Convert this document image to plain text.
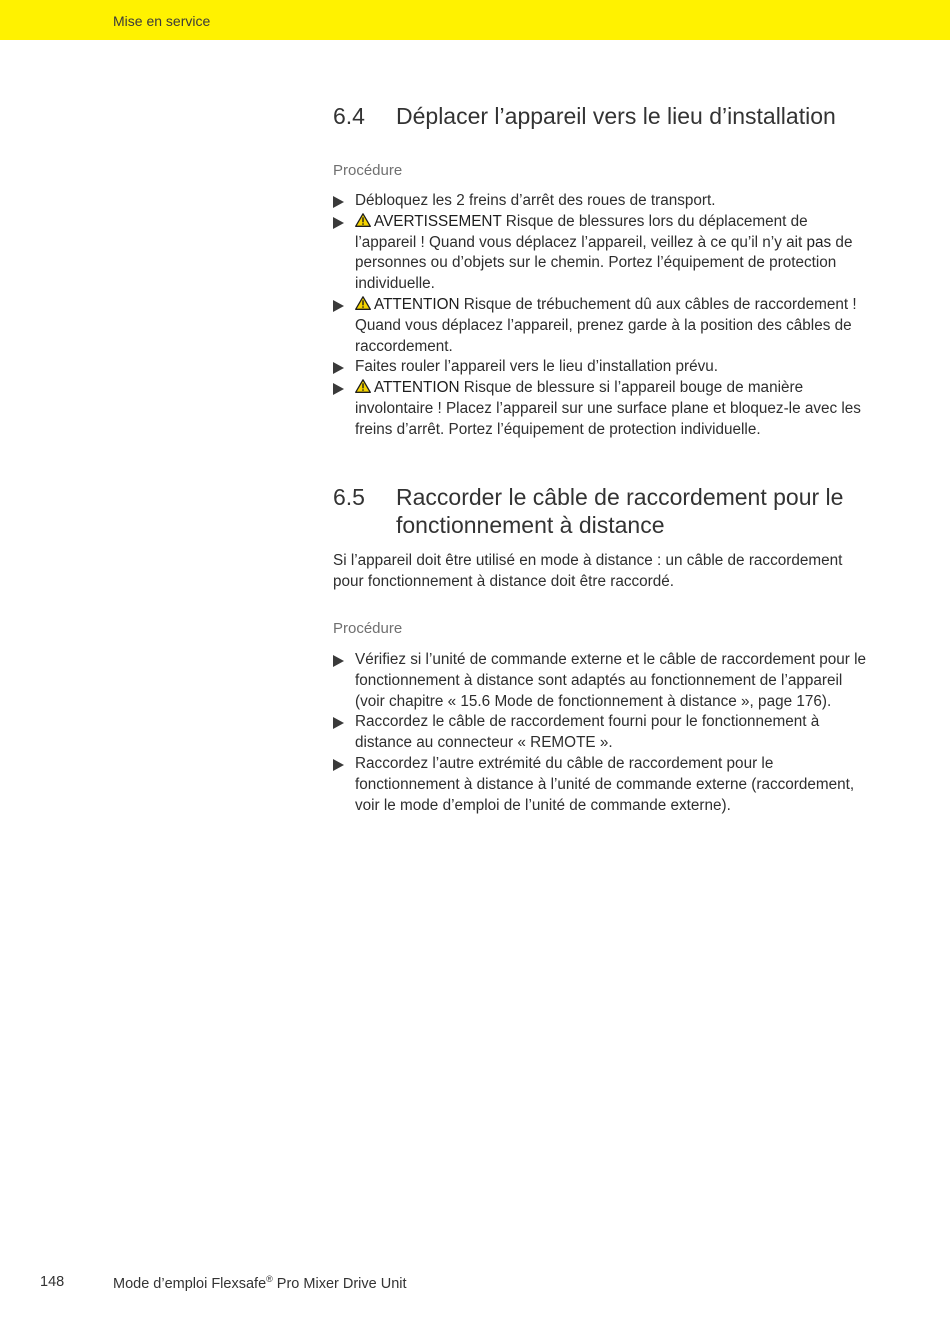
Mise en service
6.4 Déplacer l’appareil vers le lieu d’installation
Procédure
Débloquez les 2 freins d’arrêt des roues de transport.
AVERTISSEMENT Risque de blessures lors du déplacement de l’appareil ! Quand vous déplacez l’appareil, veillez à ce qu’il n’y ait pas de personnes ou d’objets sur le chemin. Portez l’équipement de protection individuelle.
ATTENTION Risque de trébuchement dû aux câbles de raccordement ! Quand vous déplacez l’appareil, prenez garde à la position des câbles de raccordement.
Faites rouler l’appareil vers le lieu d’installation prévu.
ATTENTION Risque de blessure si l’appareil bouge de manière involontaire ! Placez l’appareil sur une surface plane et bloquez-le avec les freins d’arrêt. Portez l’équipement de protection individuelle.
6.5 Raccorder le câble de raccordement pour le fonctionnement à distance
Si l’appareil doit être utilisé en mode à distance : un câble de raccordement pour fonctionnement à distance doit être raccordé.
Procédure
Vérifiez si l’unité de commande externe et le câble de raccordement pour le fonctionnement à distance sont adaptés au fonctionnement de l’appareil (voir chapitre « 15.6 Mode de fonctionnement à distance », page 176).
Raccordez le câble de raccordement fourni pour le fonctionnement à distance au connecteur « REMOTE ».
Raccordez l’autre extrémité du câble de raccordement pour le fonctionnement à distance à l’unité de commande externe (raccordement, voir le mode d’emploi de l’unité de commande externe).
148	Mode d’emploi Flexsafe® Pro Mixer Drive Unit
